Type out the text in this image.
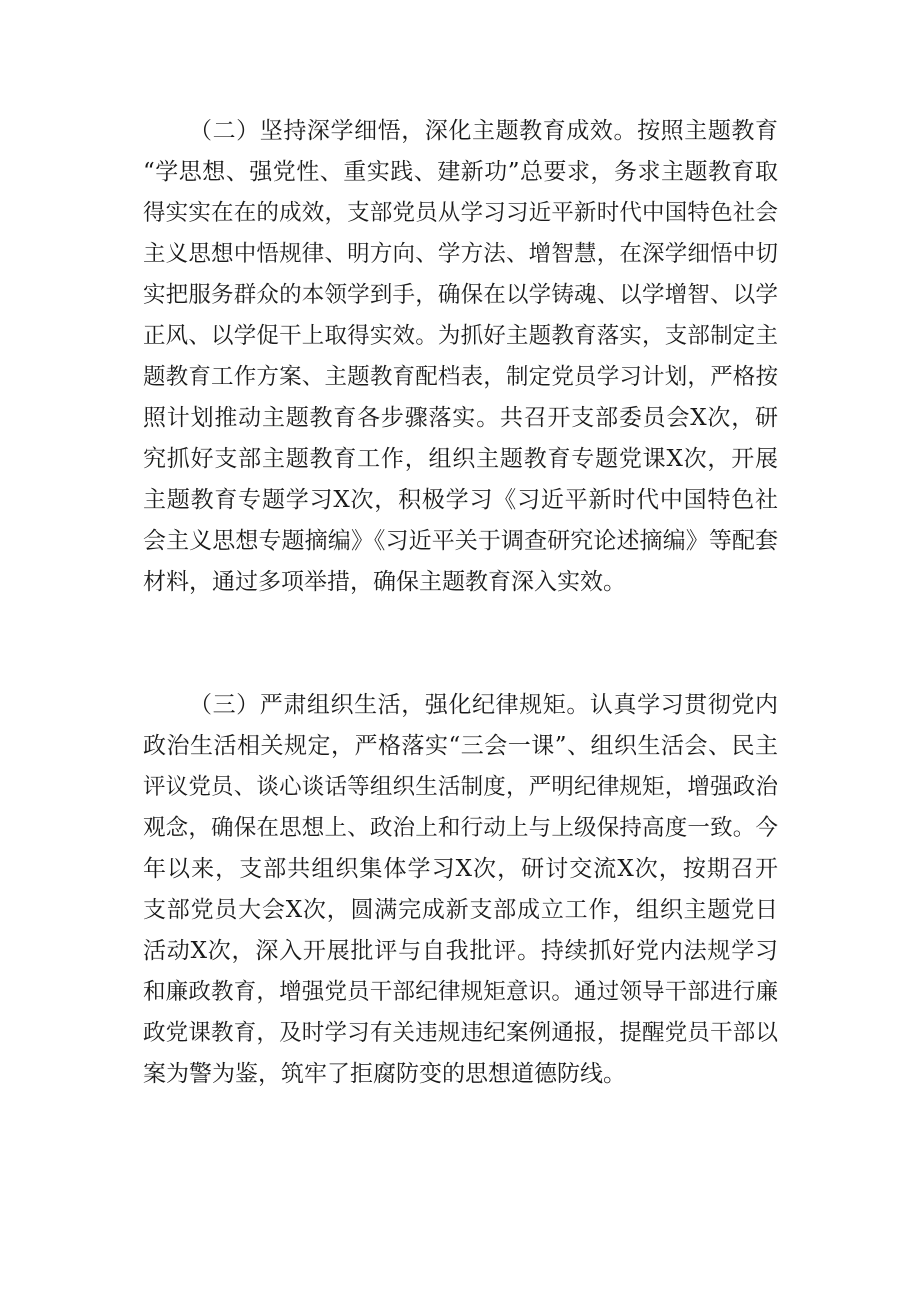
（二）坚持深学细悟，深化主题教育成效。按照主题教育
“学思想、强党性、重实践、建新功”总要求，务求主题教育取
得实实在在的成效，支部党员从学习习近平新时代中国特色社会
主义思想中悟规律、明方向、学方法、增智慧，在深学细悟中切
实把服务群众的本领学到手，确保在以学铸魂、以学增智、以学
正风、以学促干上取得实效。为抓好主题教育落实，支部制定主
题教育工作方案、主题教育配档表，制定党员学习计划，严格按
照计划推动主题教育各步骤落实。共召开支部委员会X次，研
究抓好支部主题教育工作，组织主题教育专题党课X次，开展
主题教育专题学习X次，积极学习《习近平新时代中国特色社
会主义思想专题摘编》《习近平关于调查研究论述摘编》等配套
材料，通过多项举措，确保主题教育深入实效。
（三）严肃组织生活，强化纪律规矩。认真学习贯彻党内
政治生活相关规定，严格落实“三会一课”、组织生活会、民主
评议党员、谈心谈话等组织生活制度，严明纪律规矩，增强政治
观念，确保在思想上、政治上和行动上与上级保持高度一致。今
年以来，支部共组织集体学习X次，研讨交流X次，按期召开
支部党员大会X次，圆满完成新支部成立工作，组织主题党日
活动X次，深入开展批评与自我批评。持续抓好党内法规学习
和廉政教育，增强党员干部纪律规矩意识。通过领导干部进行廉
政党课教育，及时学习有关违规违纪案例通报，提醒党员干部以
案为警为鉴，筑牢了拒腐防变的思想道德防线。
